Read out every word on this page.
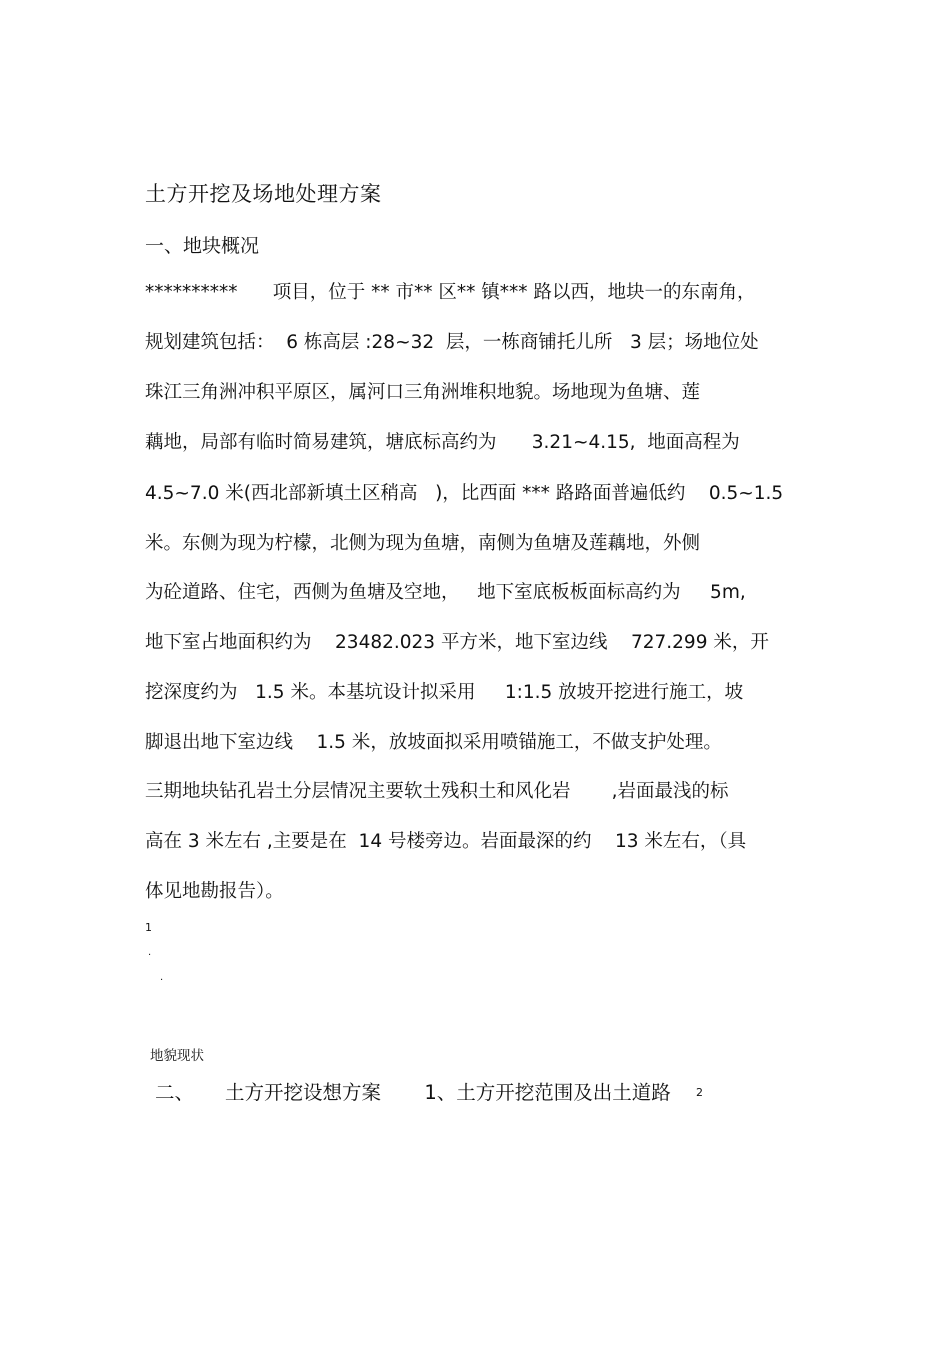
土方开挖及场地处理方案
一、地块概况
**********      项目，位于 ** 市** 区** 镇*** 路以西，地块一的东南角，
规划建筑包括：  6 栋高层 :28~32  层，一栋商铺托儿所   3 层；场地位处
珠江三角洲冲积平原区，属河口三角洲堆积地貌。场地现为鱼塘、莲
藕地，局部有临时简易建筑，塘底标高约为      3.21~4.15,  地面高程为
4.5~7.0 米(西北部新填土区稍高   )，比西面 *** 路路面普遍低约    0.5~1.5
米。东侧为现为柠檬，北侧为现为鱼塘，南侧为鱼塘及莲藕地，外侧
为砼道路、住宅，西侧为鱼塘及空地，   地下室底板板面标高约为     5m,
地下室占地面积约为    23482.023 平方米，地下室边线    727.299 米，开
挖深度约为   1.5 米。本基坑设计拟采用     1:1.5 放坡开挖进行施工，坡
脚退出地下室边线    1.5 米，放坡面拟采用喷锚施工，不做支护处理。
三期地块钻孔岩土分层情况主要软土残积土和风化岩       ,岩面最浅的标
高在 3 米左右 ,主要是在  14 号楼旁边。岩面最深的约    13 米左右，（具
体见地勘报告）。
1
·
·
地貌现状
二、     土方开挖设想方案       1、土方开挖范围及出土道路 2
